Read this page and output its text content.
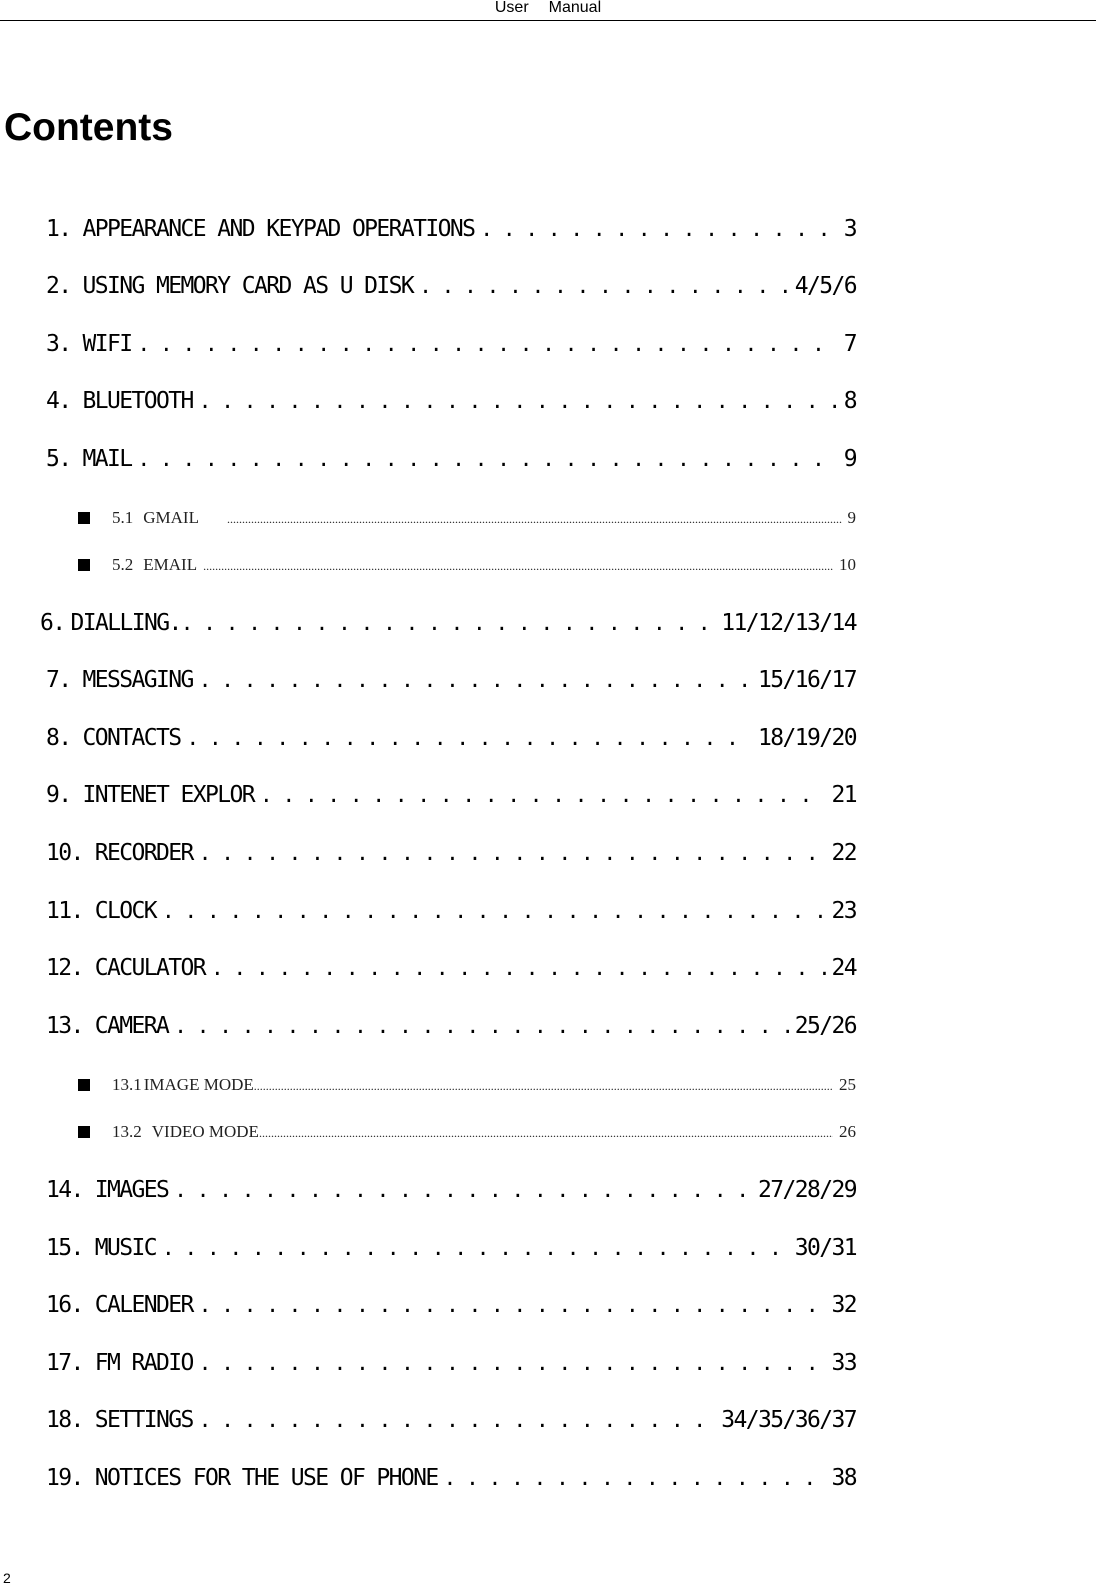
User Manual
Contents
1. APPEARANCE AND KEYPAD OPERATIONS . . .	3
2. USING MEMORY CARD AS U DISK . . .	4/5/6
3. WIFI . . .	7
4. BLUETOOTH . . .	8
5. MAIL . . .	9
5.1 GMAIL .....	9
5.2 EMAIL .....	10
6. DIALLING. . . .	11/12/13/14
7. MESSAGING . . .	15/16/17
8. CONTACTS . . .	18/19/20
9. INTENET EXPLOR . . .	21
10. RECORDER . . .	22
11. CLOCK . . .	23
12. CACULATOR . . .	24
13. CAMERA . . .	25/26
13.1 IMAGE MODE .....	25
13.2 VIDEO MODE .....	26
14. IMAGES . . .	27/28/29
15. MUSIC . . .	30/31
16. CALENDER . . .	32
17. FM RADIO . . .	33
18. SETTINGS . . .	34/35/36/37
19. NOTICES FOR THE USE OF PHONE . . .	38
2
